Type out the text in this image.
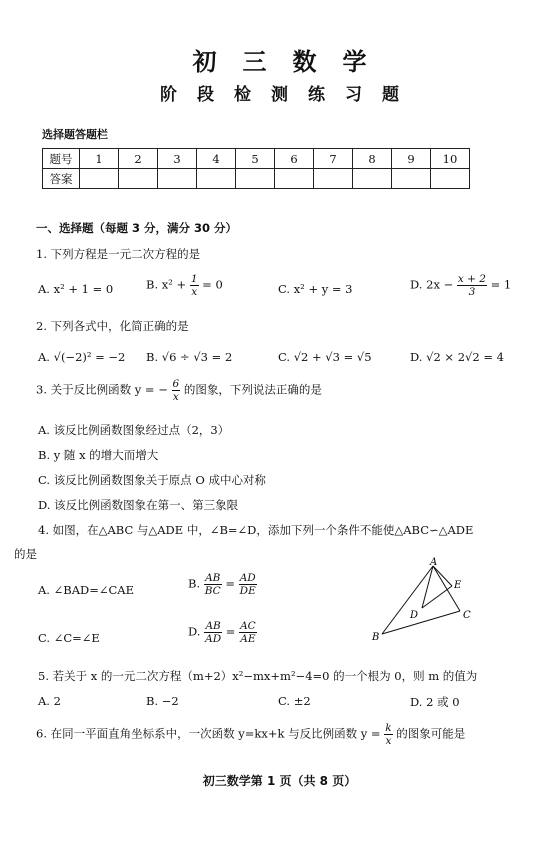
初三数学
阶段检测练习题
选择题答题栏
题号	1	2	3	4	5	6	7	8	9	10
答案										
一、选择题（每题 3 分，满分 30 分）
1. 下列方程是一元二次方程的是
A. x² + 1 = 0	B. $x^2 + \frac{1}{x} = 0$	C. x² + y = 3	D. $2x - \frac{x + 2}{3} = 1$
2. 下列各式中，化简正确的是
A. √(−2)² = −2 B. √6 ÷ √3 = 2	C. √2 + √3 = √5	D. √2 × 2√2 = 4
3. 关于反比例函数 y = − $\frac{6}{x}$ 的图象，下列说法正确的是
A. 该反比例函数图象经过点（2，3）
B. y 随 x 的增大而增大
C. 该反比例函数图象关于原点 O 成中心对称
D. 该反比例函数图象在第一、第三象限
4. 如图，在△ABC 与△ADE 中，∠B=∠D，添加下列一个条件不能使△ABC∽△ADE
的是
A. ∠BAD=∠CAE	B. $\frac{AB}{BC} = \frac{AD}{DE}$
C. ∠C=∠E	D. $\frac{AB}{AD} = \frac{AC}{AE}$
A
B
C
D
E
5. 若关于 x 的一元二次方程（m+2）x²−mx+m²−4=0 的一个根为 0，则 m 的值为
A. 2	B. −2	C. ±2	D. 2 或 0
6. 在同一平面直角坐标系中，一次函数 y=kx+k 与反比例函数 $y = \frac{k}{x}$ 的图象可能是
初三数学第 1 页（共 8 页）
